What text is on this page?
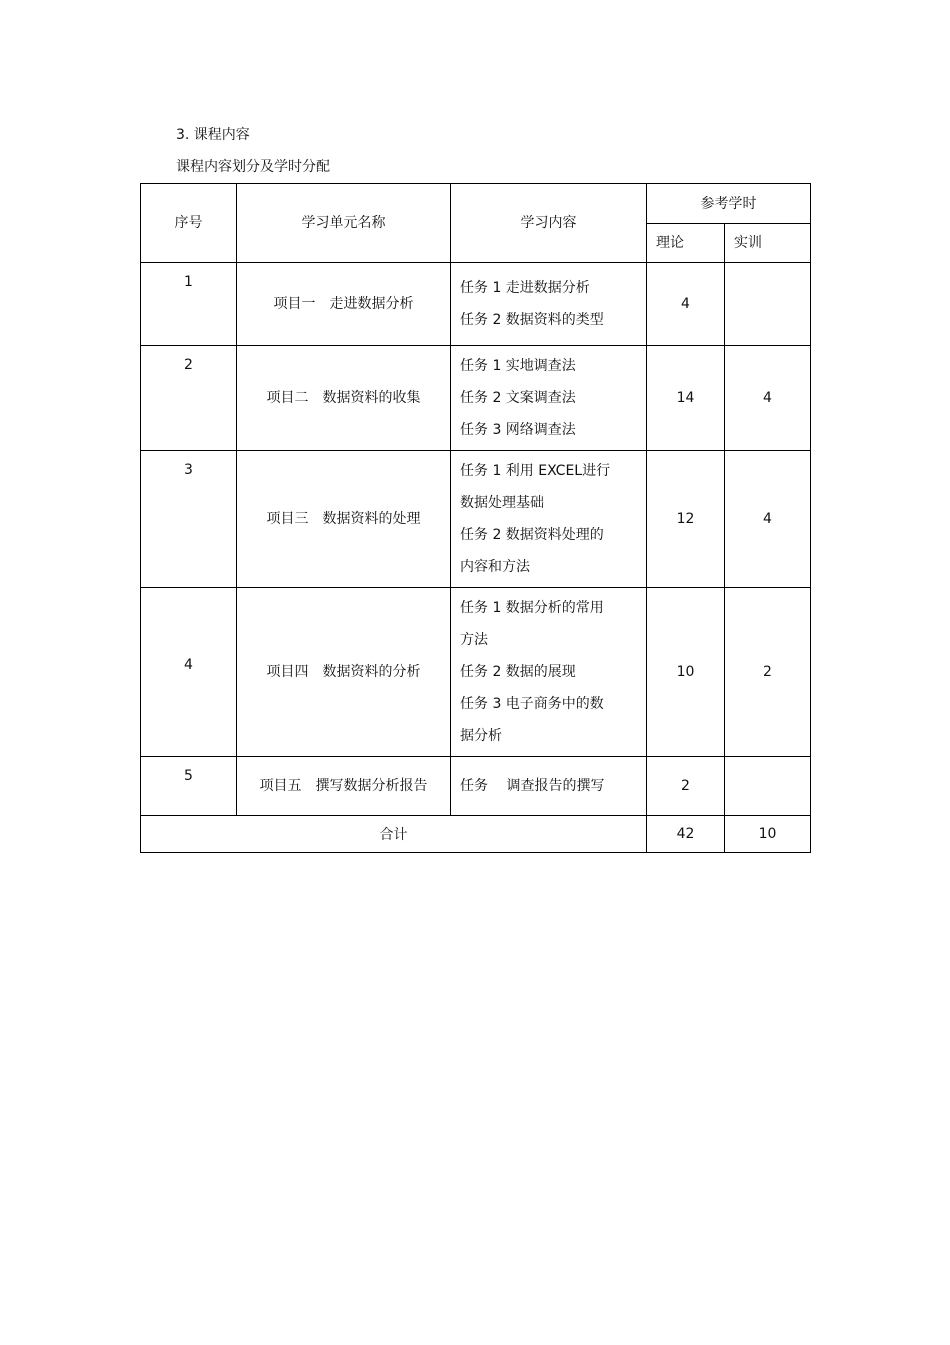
3. 课程内容
课程内容划分及学时分配
序号	学习单元名称	学习内容	参考学时	
			理论	实训
1	项目一　走进数据分析	任务 1 走进数据分析
任务 2 数据资料的类型	4	
2	项目二　数据资料的收集	任务 1 实地调查法
任务 2 文案调查法
任务 3 网络调查法	14	4
3	项目三　数据资料的处理	任务 1 利用 EXCEL进行
数据处理基础
任务 2 数据资料处理的
内容和方法	12	4
4	项目四　数据资料的分析	任务 1 数据分析的常用
方法
任务 2 数据的展现
任务 3 电子商务中的数
据分析	10	2
5	项目五　撰写数据分析报告	任务　 调查报告的撰写	2	
合计			42	10
